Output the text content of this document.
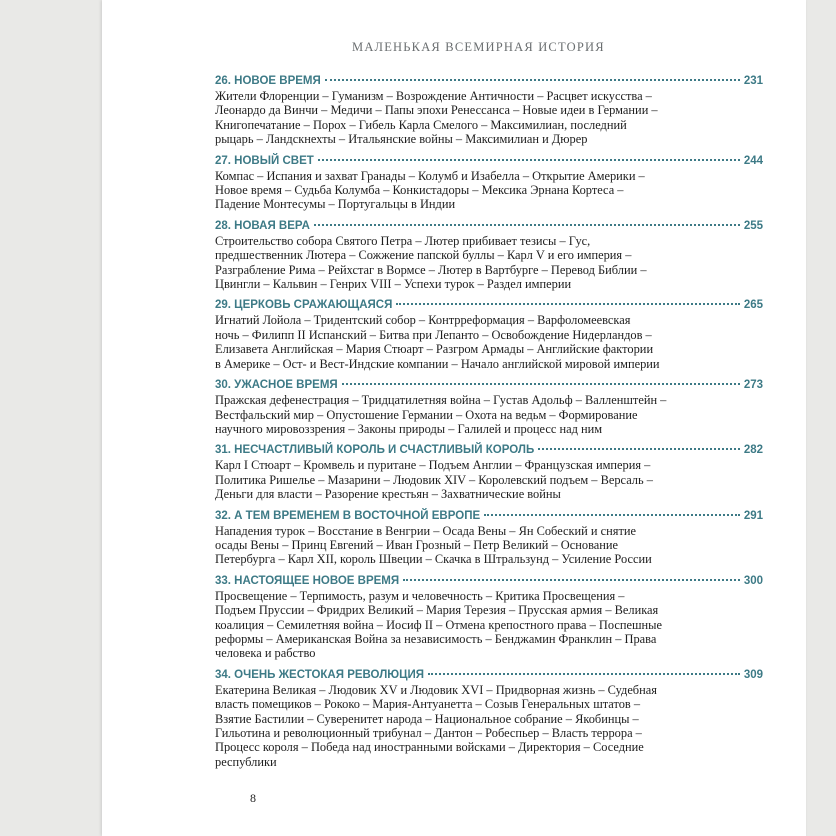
МАЛЕНЬКАЯ ВСЕМИРНАЯ ИСТОРИЯ
26. НОВОЕ ВРЕМЯ	231
Жители Флоренции – Гуманизм – Возрождение Античности – Расцвет искусства –
Леонардо да Винчи – Медичи – Папы эпохи Ренессанса – Новые идеи в Германии –
Книгопечатание – Порох – Гибель Карла Смелого – Максимилиан, последний
рыцарь – Ландскнехты – Итальянские войны – Максимилиан и Дюрер
27. НОВЫЙ СВЕТ	244
Компас – Испания и захват Гранады – Колумб и Изабелла – Открытие Америки –
Новое время – Судьба Колумба – Конкистадоры – Мексика Эрнана Кортеса –
Падение Монтесумы – Португальцы в Индии
28. НОВАЯ ВЕРА	255
Строительство собора Святого Петра – Лютер прибивает тезисы – Гус,
предшественник Лютера – Сожжение папской буллы – Карл V и его империя –
Разграбление Рима – Рейхстаг в Вормсе – Лютер в Вартбурге – Перевод Библии –
Цвингли – Кальвин – Генрих VIII – Успехи турок – Раздел империи
29. ЦЕРКОВЬ СРАЖАЮЩАЯСЯ	265
Игнатий Лойола – Тридентский собор – Контрреформация – Варфоломеевская
ночь – Филипп II Испанский – Битва при Лепанто – Освобождение Нидерландов –
Елизавета Английская – Мария Стюарт – Разгром Армады – Английские фактории
в Америке – Ост- и Вест-Индские компании – Начало английской мировой империи
30. УЖАСНОЕ ВРЕМЯ	273
Пражская дефенестрация – Тридцатилетняя война – Густав Адольф – Валленштейн –
Вестфальский мир – Опустошение Германии – Охота на ведьм – Формирование
научного мировоззрения – Законы природы – Галилей и процесс над ним
31. НЕСЧАСТЛИВЫЙ КОРОЛЬ И СЧАСТЛИВЫЙ КОРОЛЬ	282
Карл I Стюарт – Кромвель и пуритане – Подъем Англии – Французская империя –
Политика Ришелье – Мазарини – Людовик XIV – Королевский подъем – Версаль –
Деньги для власти – Разорение крестьян – Захватнические войны
32. А ТЕМ ВРЕМЕНЕМ В ВОСТОЧНОЙ ЕВРОПЕ	291
Нападения турок – Восстание в Венгрии – Осада Вены – Ян Собеский и снятие
осады Вены – Принц Евгений – Иван Грозный – Петр Великий – Основание
Петербурга – Карл XII, король Швеции – Скачка в Штральзунд – Усиление России
33. НАСТОЯЩЕЕ НОВОЕ ВРЕМЯ	300
Просвещение – Терпимость, разум и человечность – Критика Просвещения –
Подъем Пруссии – Фридрих Великий – Мария Терезия – Прусская армия – Великая
коалиция – Семилетняя война – Иосиф II – Отмена крепостного права – Поспешные
реформы – Американская Война за независимость – Бенджамин Франклин – Права
человека и рабство
34. ОЧЕНЬ ЖЕСТОКАЯ РЕВОЛЮЦИЯ	309
Екатерина Великая – Людовик XV и Людовик XVI – Придворная жизнь – Судебная
власть помещиков – Рококо – Мария-Антуанетта – Созыв Генеральных штатов –
Взятие Бастилии – Суверенитет народа – Национальное собрание – Якобинцы –
Гильотина и революционный трибунал – Дантон – Робеспьер – Власть террора –
Процесс короля – Победа над иностранными войсками – Директория – Соседние
республики
8
